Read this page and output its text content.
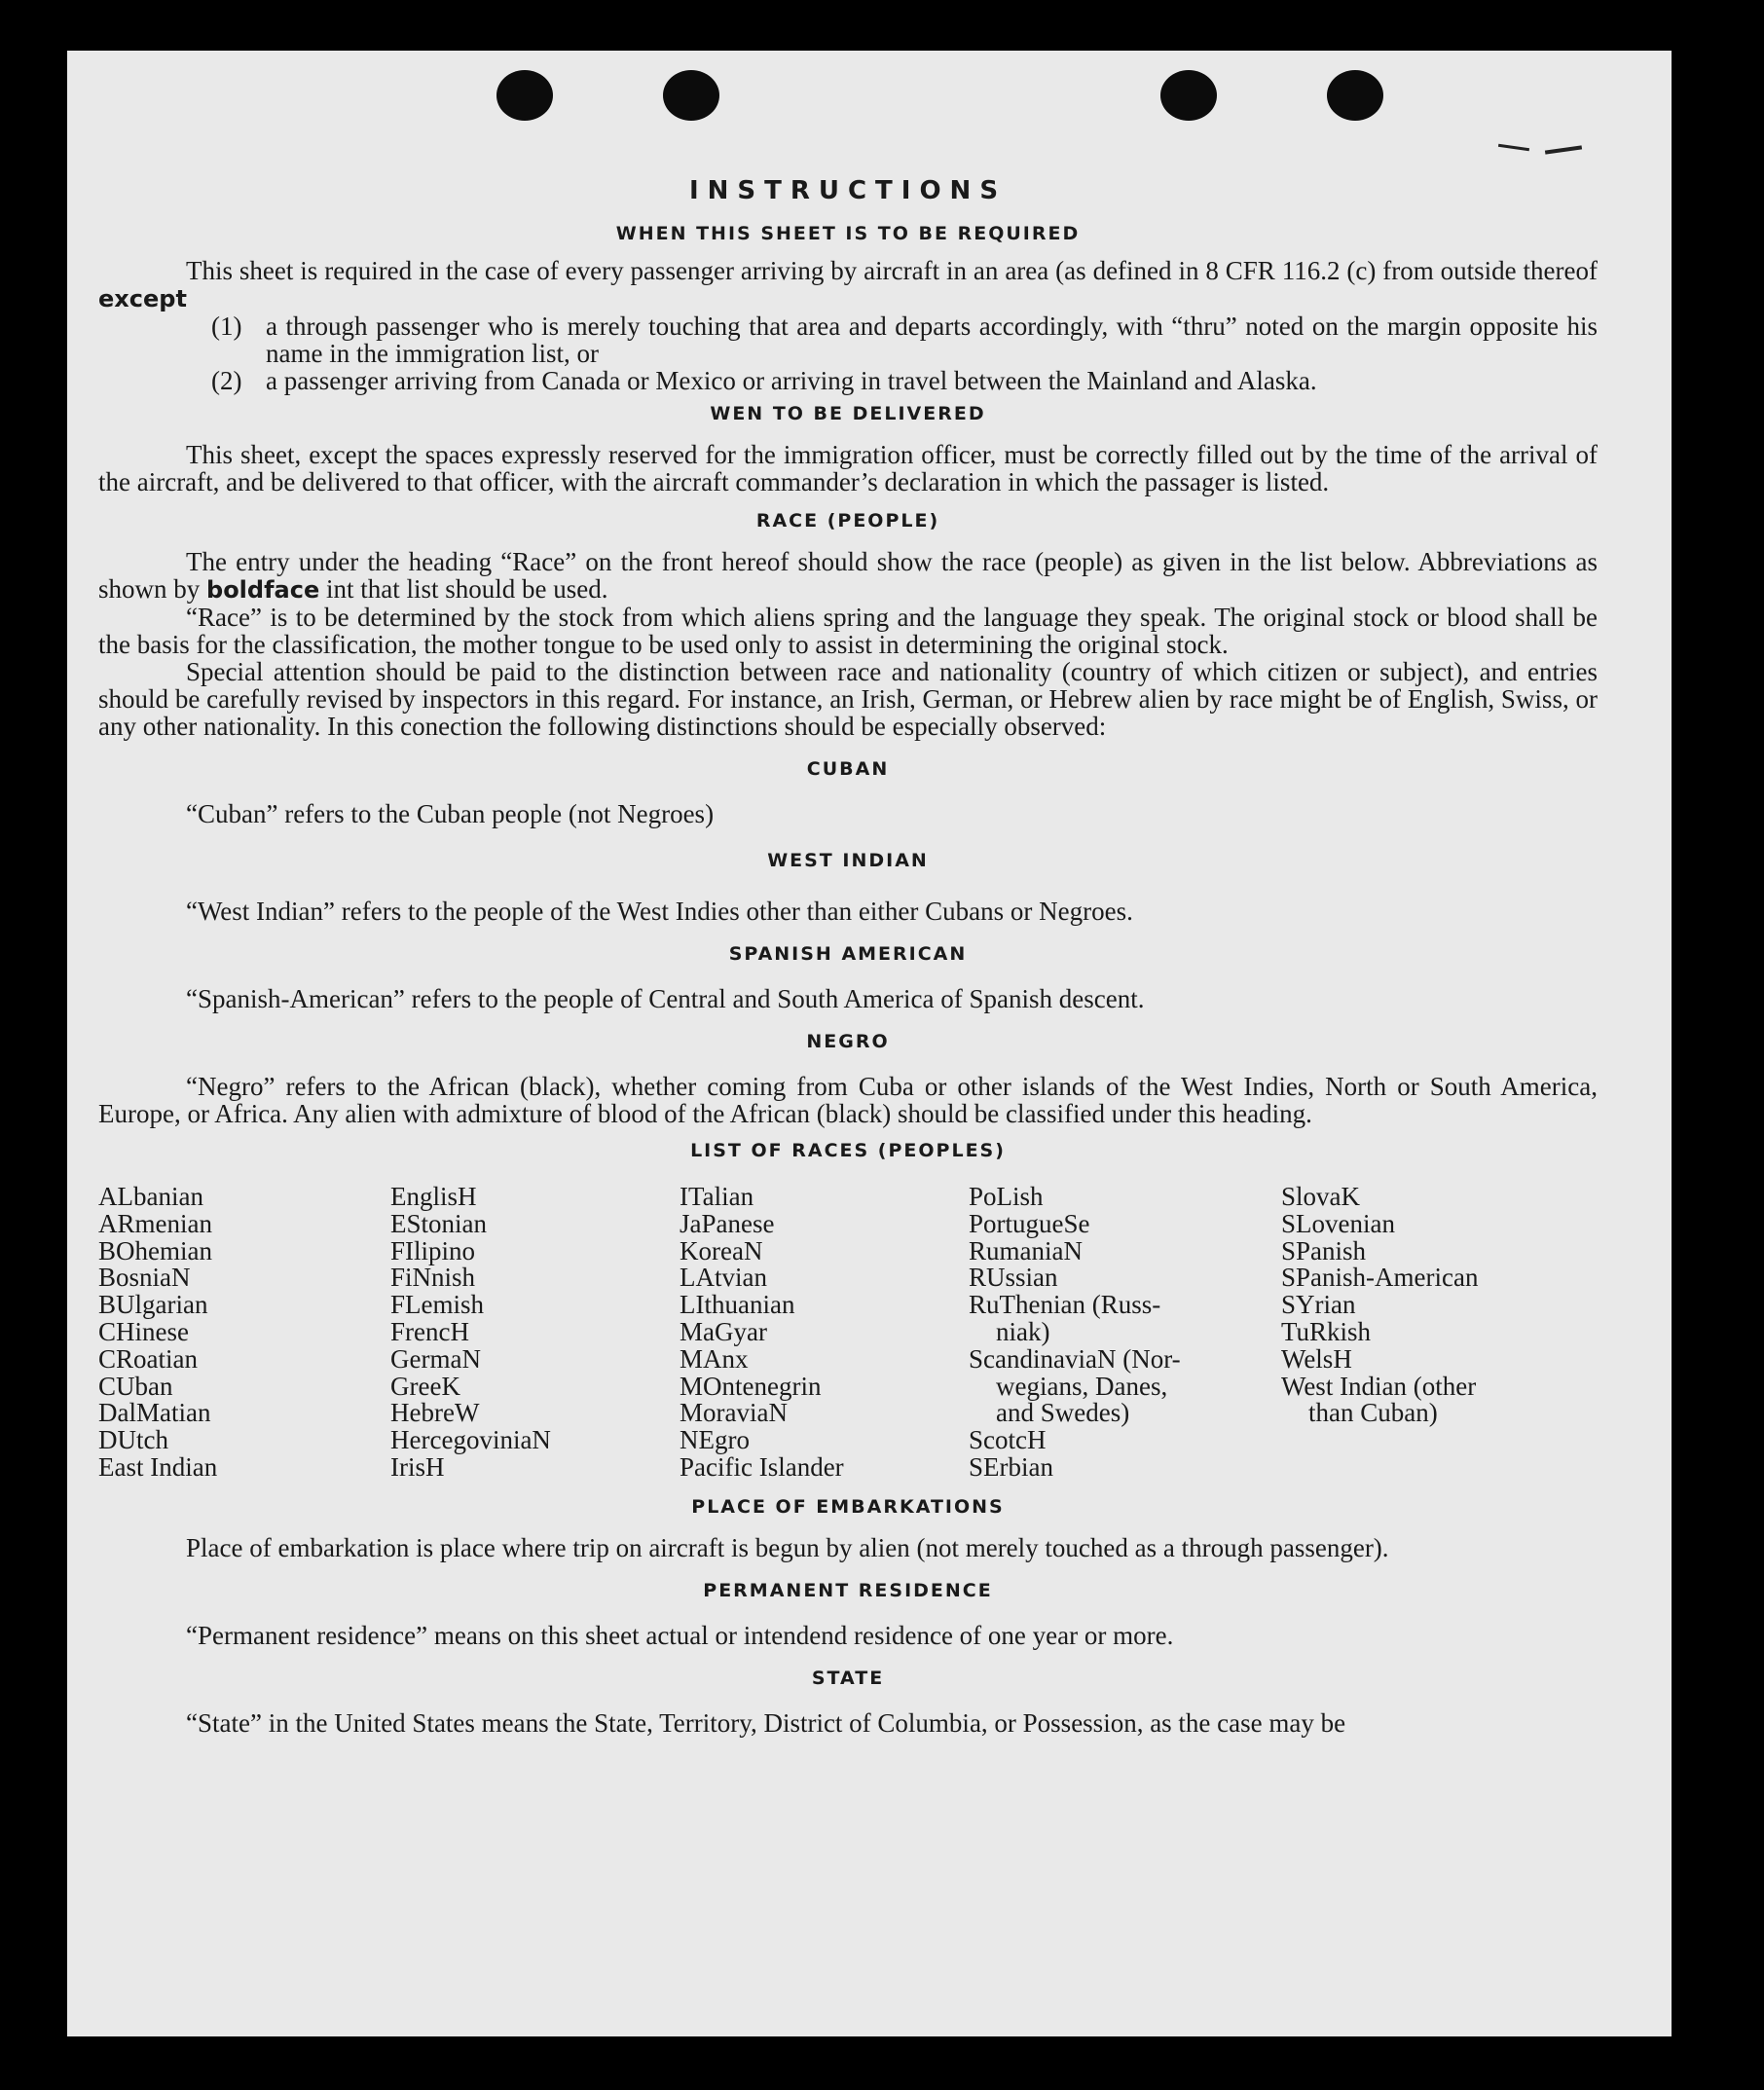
INSTRUCTIONS
WHEN THIS SHEET IS TO BE REQUIRED

This sheet is required in the case of every passenger arriving by aircraft in an area (as defined in 8 CFR 116.2 (c) from outside thereof except

(1) a through passenger who is merely touching that area and departs accordingly, with “thru” noted on the margin opposite his name in the immigration list, or
(2) a passenger arriving from Canada or Mexico or arriving in travel between the Mainland and Alaska.
WEN TO BE DELIVERED

This sheet, except the spaces expressly reserved for the immigration officer, must be correctly filled out by the time of the arrival of the aircraft, and be delivered to that officer, with the aircraft commander’s declaration in which the passager is listed.

RACE (PEOPLE)

The entry under the heading “Race” on the front hereof should show the race (people) as given in the list below. Abbreviations as shown by boldface int that list should be used.

“Race” is to be determined by the stock from which aliens spring and the language they speak. The original stock or blood shall be the basis for the classification, the mother tongue to be used only to assist in determining the original stock.

Special attention should be paid to the distinction between race and nationality (country of which citizen or subject), and entries should be carefully revised by inspectors in this regard. For instance, an Irish, German, or Hebrew alien by race might be of English, Swiss, or any other nationality. In this conection the following distinctions should be especially observed:

CUBAN

“Cuban” refers to the Cuban people (not Negroes)

WEST INDIAN

“West Indian” refers to the people of the West Indies other than either Cubans or Negroes.

SPANISH AMERICAN

“Spanish-American” refers to the people of Central and South America of Spanish descent.

NEGRO

“Negro” refers to the African (black), whether coming from Cuba or other islands of the West Indies, North or South America, Europe, or Africa. Any alien with admixture of blood of the African (black) should be classified under this heading.

LIST OF RACES (PEOPLES)
ALbanian
ARmenian
BOhemian
BosniaN
BUlgarian
CHinese
CRoatian
CUban
DalMatian
DUtch
East Indian
EnglisH
EStonian
FIlipino
FiNnish
FLemish
FrencH
GermaN
GreeK
HebreW
HercegoviniaN
IrisH
ITalian
JaPanese
KoreaN
LAtvian
LIthuanian
MaGyar
MAnx
MOntenegrin
MoraviaN
NEgro
Pacific Islander
PoLish
PortugueSe
RumaniaN
RUssian
RuThenian (Russ-
niak)
ScandinaviaN (Nor-
wegians, Danes,
and Swedes)
ScotcH
SErbian
SlovaK
SLovenian
SPanish
SPanish-American
SYrian
TuRkish
WelsH
West Indian (other
than Cuban)
PLACE OF EMBARKATIONS

Place of embarkation is place where trip on aircraft is begun by alien (not merely touched as a through passenger).

PERMANENT RESIDENCE

“Permanent residence” means on this sheet actual or intendend residence of one year or more.

STATE

“State” in the United States means the State, Territory, District of Columbia, or Possession, as the case may be
